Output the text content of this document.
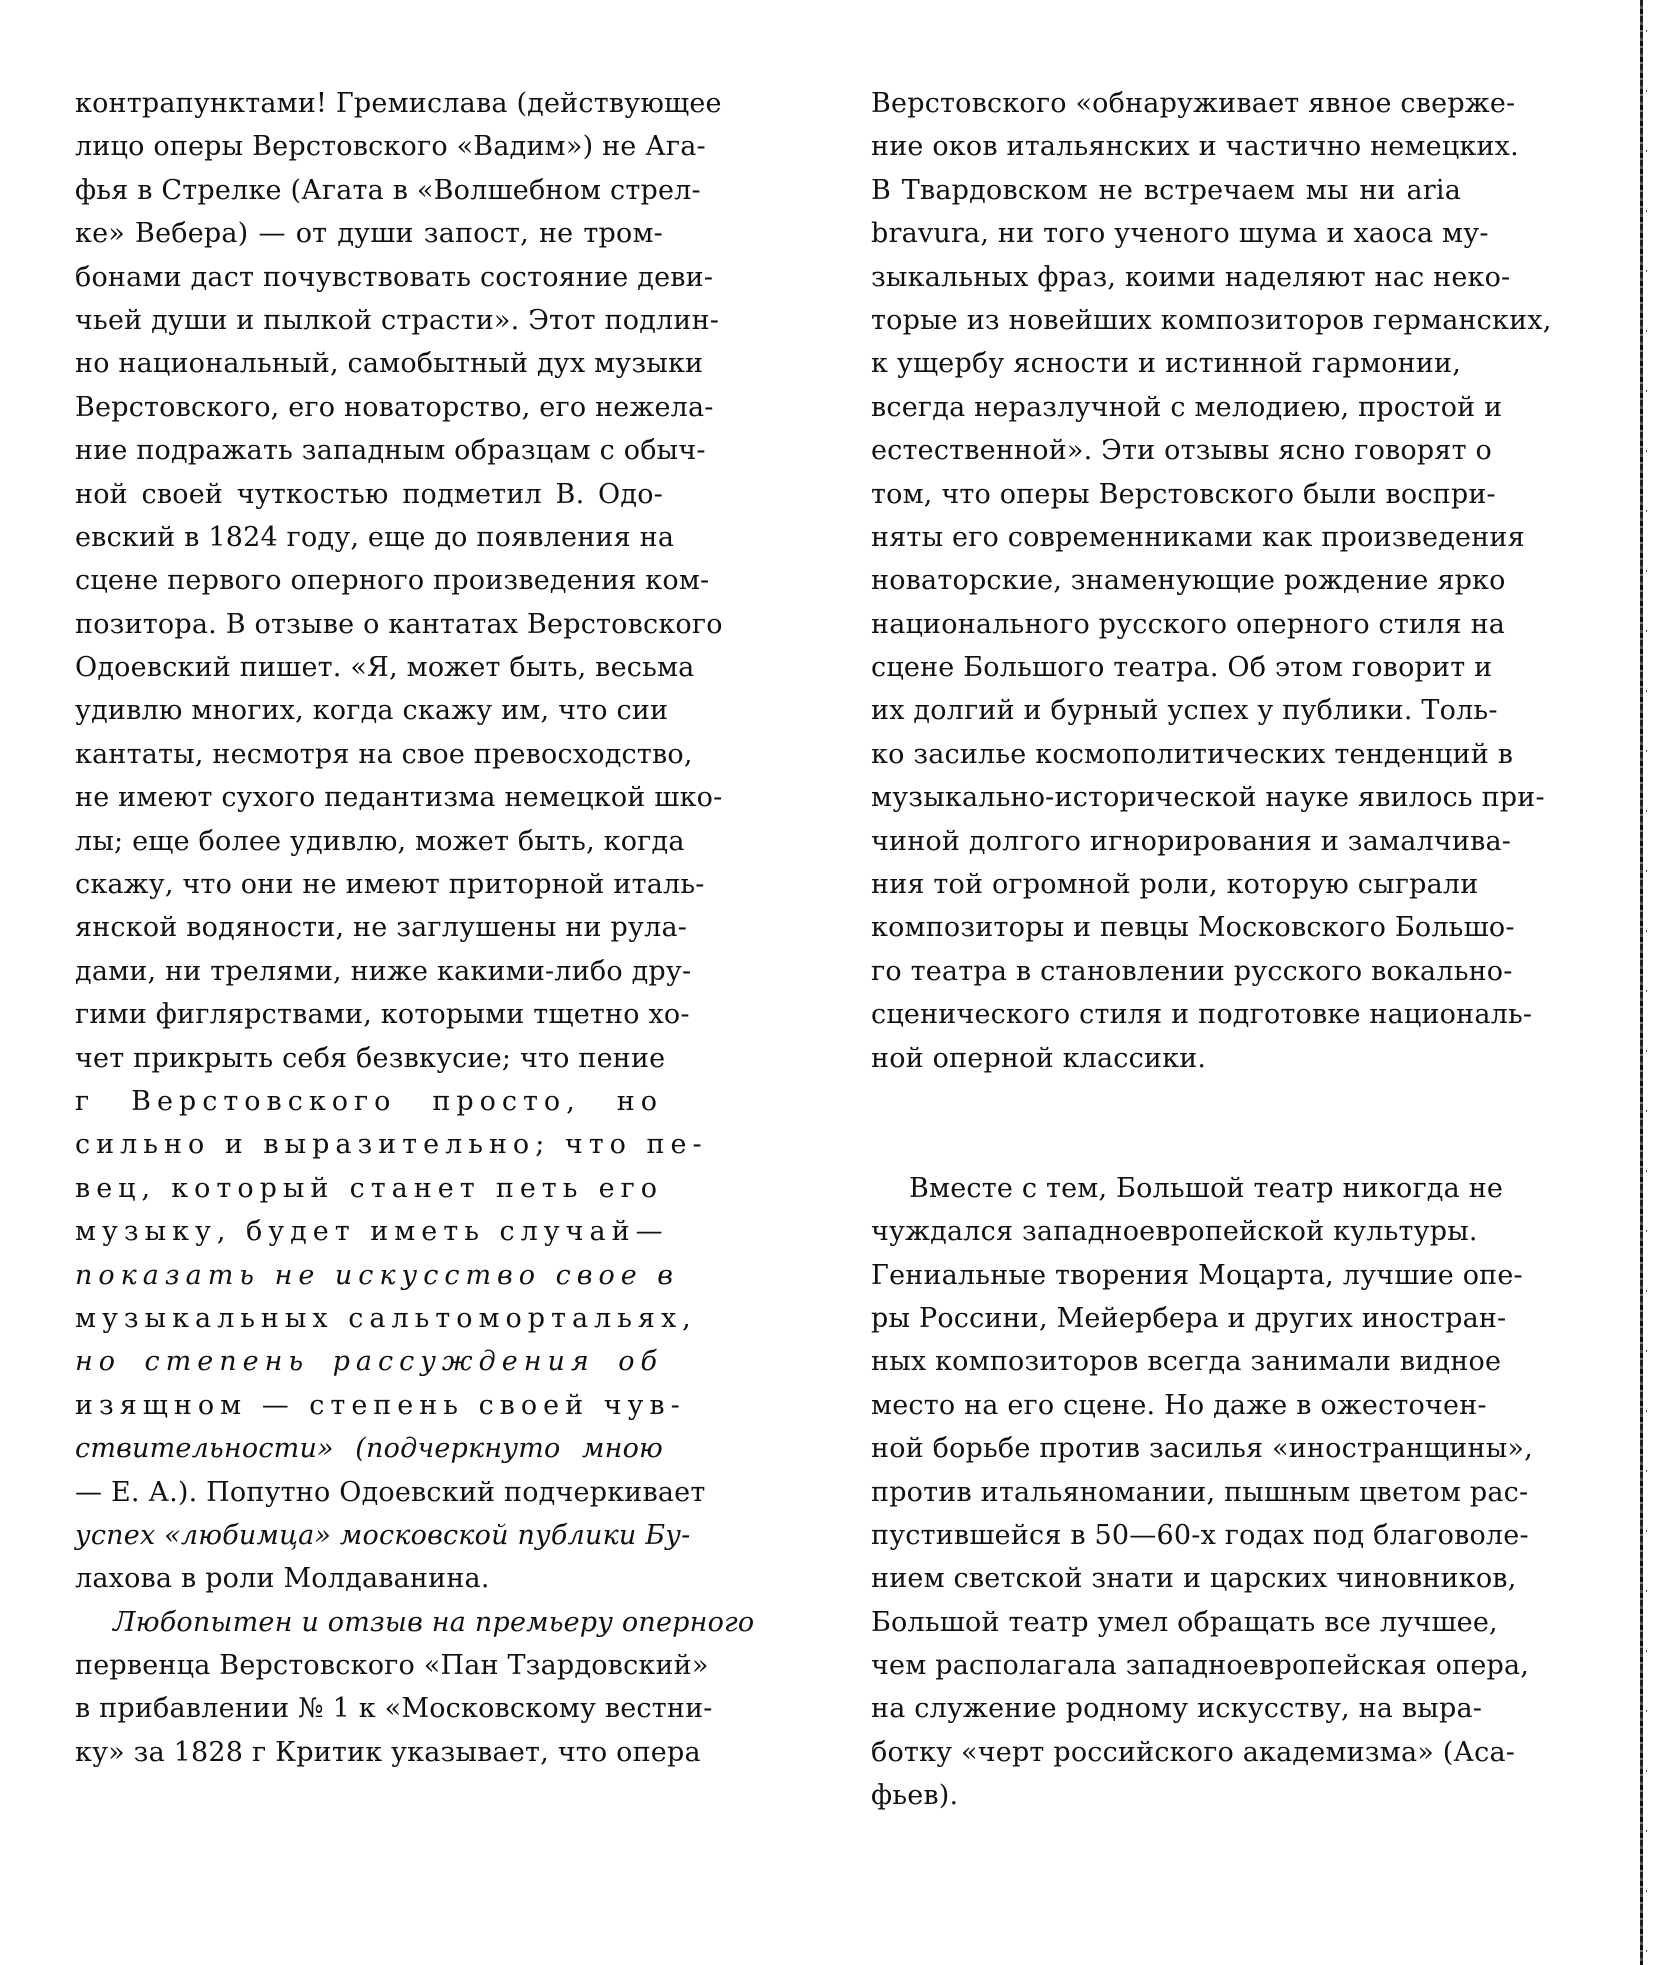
контрапунктами! Гремислава (действующее
лицо оперы Верстовского «Вадим») не Ага-
фья в Стрелке (Агата в «Волшебном стрел-
ке» Вебера) — от души запост, не тром-
бонами даст почувствовать состояние деви-
чьей души и пылкой страсти». Этот подлин-
но национальный, самобытный дух музыки
Верстовского, его новаторство, его нежела-
ние подражать западным образцам с обыч-
ной своей чуткостью подметил В. Одо-
евский в 1824 году, еще до появления на
сцене первого оперного произведения ком-
позитора. В отзыве о кантатах Верстовского
Одоевский пишет. «Я, может быть, весьма
удивлю многих, когда скажу им, что сии
кантаты, несмотря на свое превосходство,
не имеют сухого педантизма немецкой шко-
лы; еще более удивлю, может быть, когда
скажу, что они не имеют приторной италь-
янской водяности, не заглушены ни рула-
дами, ни трелями, ниже какими-либо дру-
гими фиглярствами, которыми тщетно хо-
чет прикрыть себя безвкусие; что пение
г Верстовского просто, но
сильно и выразительно; что пе-
вец, который станет петь его
музыку, будет иметь случай—
показать не искусство свое в
музыкальных сальтомортальях,
но степень рассуждения об
изящном — степень своей чув-
ствительности» (подчеркнуто мною
— Е. А.). Попутно Одоевский подчеркивает
успех «любимца» московской публики Бу-
лахова в роли Молдаванина.
Любопытен и отзыв на премьеру оперного
первенца Верстовского «Пан Тзардовский»
в прибавлении № 1 к «Московскому вестни-
ку» за 1828 г Критик указывает, что опера
Верстовского «обнаруживает явное сверже-
ние оков итальянских и частично немецких.
В Твардовском не встречаем мы ни aria
bravura, ни того ученого шума и хаоса му-
зыкальных фраз, коими наделяют нас неко-
торые из новейших композиторов германских,
к ущербу ясности и истинной гармонии,
всегда неразлучной с мелодиею, простой и
естественной». Эти отзывы ясно говорят о
том, что оперы Верстовского были воспри-
няты его современниками как произведения
новаторские, знаменующие рождение ярко
национального русского оперного стиля на
сцене Большого театра. Об этом говорит и
их долгий и бурный успех у публики. Толь-
ко засилье космополитических тенденций в
музыкально-исторической науке явилось при-
чиной долгого игнорирования и замалчива-
ния той огромной роли, которую сыграли
композиторы и певцы Московского Большо-
го театра в становлении русского вокально-
сценического стиля и подготовке националь-
ной оперной классики.
Вместе с тем, Большой театр никогда не
чуждался западноевропейской культуры.
Гениальные творения Моцарта, лучшие опе-
ры Россини, Мейербера и других иностран-
ных композиторов всегда занимали видное
место на его сцене. Но даже в ожесточен-
ной борьбе против засилья «иностранщины»,
против итальяномании, пышным цветом рас-
пустившейся в 50—60-х годах под благоволе-
нием светской знати и царских чиновников,
Большой театр умел обращать все лучшее,
чем располагала западноевропейская опера,
на служение родному искусству, на выра-
ботку «черт российского академизма» (Аса-
фьев).
